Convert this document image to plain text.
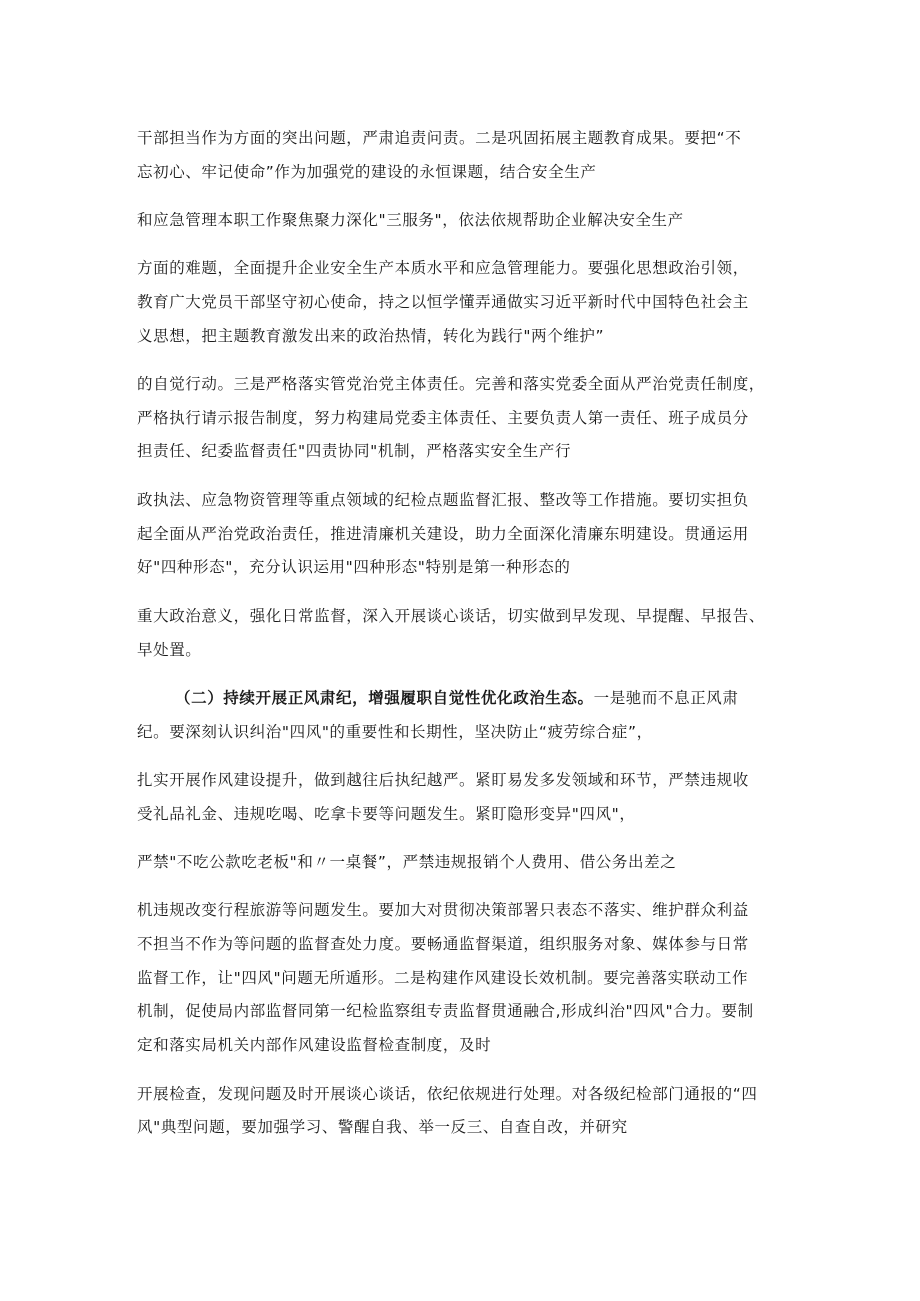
干部担当作为方面的突出问题，严肃追责问责。二是巩固拓展主题教育成果。要把“不
忘初心、牢记使命”作为加强党的建设的永恒课题，结合安全生产
和应急管理本职工作聚焦聚力深化"三服务"，依法依规帮助企业解决安全生产
方面的难题，全面提升企业安全生产本质水平和应急管理能力。要强化思想政治引领，
教育广大党员干部坚守初心使命，持之以恒学懂弄通做实习近平新时代中国特色社会主
义思想，把主题教育激发出来的政治热情，转化为践行"两个维护”
的自觉行动。三是严格落实管党治党主体责任。完善和落实党委全面从严治党责任制度，
严格执行请示报告制度，努力构建局党委主体责任、主要负责人第一责任、班子成员分
担责任、纪委监督责任"四责协同"机制，严格落实安全生产行
政执法、应急物资管理等重点领域的纪检点题监督汇报、整改等工作措施。要切实担负
起全面从严治党政治责任，推进清廉机关建设，助力全面深化清廉东明建设。贯通运用
好"四种形态"，充分认识运用"四种形态"特别是第一种形态的
重大政治意义，强化日常监督，深入开展谈心谈话，切实做到早发现、早提醒、早报告、
早处置。
（二）持续开展正风肃纪，增强履职自觉性优化政治生态。一是驰而不息正风肃
纪。要深刻认识纠治"四风"的重要性和长期性，坚决防止“疲劳综合症”，
扎实开展作风建设提升，做到越往后执纪越严。紧盯易发多发领域和环节，严禁违规收
受礼品礼金、违规吃喝、吃拿卡要等问题发生。紧盯隐形变异"四风"，
严禁"不吃公款吃老板"和〃一桌餐”，严禁违规报销个人费用、借公务出差之
机违规改变行程旅游等问题发生。要加大对贯彻决策部署只表态不落实、维护群众利益
不担当不作为等问题的监督查处力度。要畅通监督渠道，组织服务对象、媒体参与日常
监督工作，让"四风"问题无所遁形。二是构建作风建设长效机制。要完善落实联动工作
机制，促使局内部监督同第一纪检监察组专责监督贯通融合,形成纠治"四风"合力。要制
定和落实局机关内部作风建设监督检查制度，及时
开展检查，发现问题及时开展谈心谈话，依纪依规进行处理。对各级纪检部门通报的“四
风"典型问题，要加强学习、警醒自我、举一反三、自查自改，并研究
